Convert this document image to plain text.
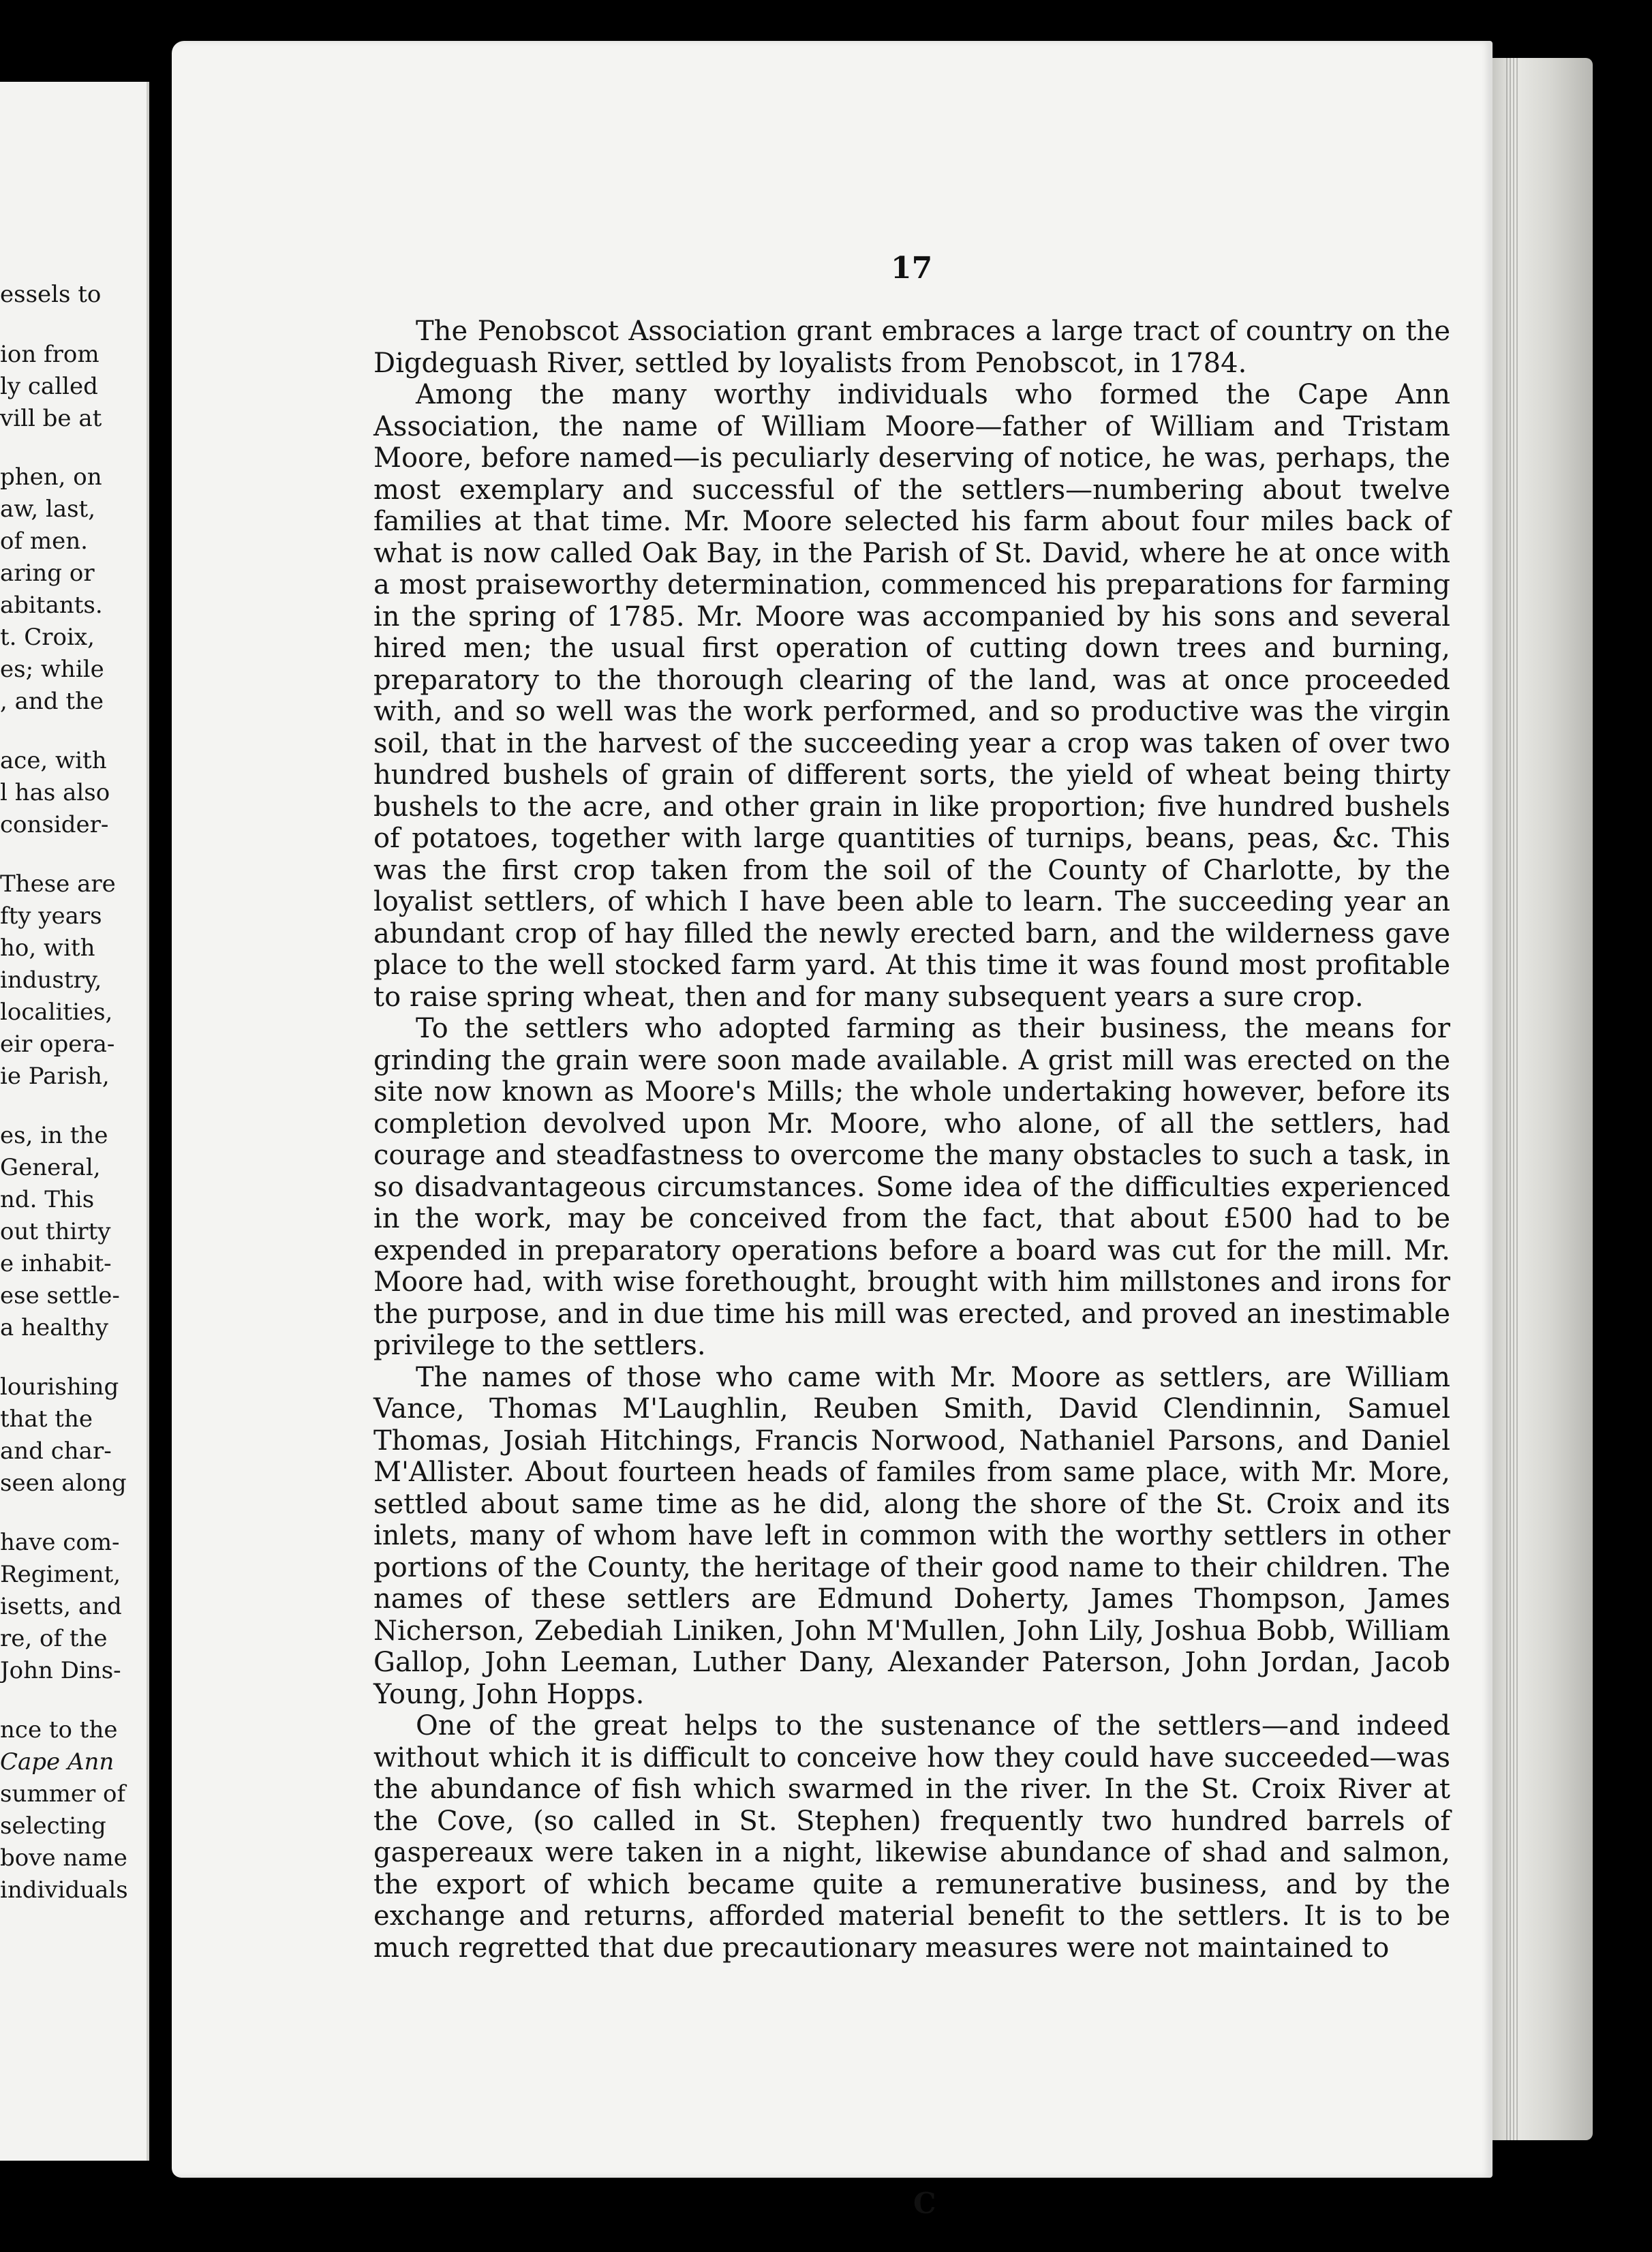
essels to
ion from
ly called
vill be at
phen, on
aw, last,
of men.
aring or
abitants.
t. Croix,
es; while
, and the
ace, with
l has also
consider-
These are
fty years
ho, with
industry,
localities,
eir opera-
ie Parish,
es, in the
General,
nd. This
out thirty
e inhabit-
ese settle-
a healthy
lourishing
that the
and char-
seen along
have com-
Regiment,
isetts, and
re, of the
John Dins-
nce to the
Cape Ann
summer of
selecting
bove name
individuals
17

The Penobscot Association grant embraces a large tract of country on the Digdeguash River, settled by loyalists from Penobscot, in 1784.

Among the many worthy individuals who formed the Cape Ann Association, the name of William Moore—father of William and Tristam Moore, before named—is peculiarly deserving of notice, he was, perhaps, the most exemplary and successful of the settlers—numbering about twelve families at that time. Mr. Moore selected his farm about four miles back of what is now called Oak Bay, in the Parish of St. David, where he at once with a most praiseworthy determination, commenced his preparations for farming in the spring of 1785. Mr. Moore was accompanied by his sons and several hired men; the usual first operation of cutting down trees and burning, preparatory to the thorough clearing of the land, was at once proceeded with, and so well was the work performed, and so productive was the virgin soil, that in the harvest of the succeeding year a crop was taken of over two hundred bushels of grain of different sorts, the yield of wheat being thirty bushels to the acre, and other grain in like proportion; five hundred bushels of potatoes, together with large quantities of turnips, beans, peas, &c. This was the first crop taken from the soil of the County of Charlotte, by the loyalist settlers, of which I have been able to learn. The succeeding year an abundant crop of hay filled the newly erected barn, and the wilderness gave place to the well stocked farm yard. At this time it was found most profitable to raise spring wheat, then and for many subsequent years a sure crop.

To the settlers who adopted farming as their business, the means for grinding the grain were soon made available. A grist mill was erected on the site now known as Moore's Mills; the whole undertaking however, before its completion devolved upon Mr. Moore, who alone, of all the settlers, had courage and steadfastness to overcome the many obstacles to such a task, in so disadvantageous circumstances. Some idea of the difficulties experienced in the work, may be conceived from the fact, that about £500 had to be expended in preparatory operations before a board was cut for the mill. Mr. Moore had, with wise forethought, brought with him millstones and irons for the purpose, and in due time his mill was erected, and proved an inestimable privilege to the settlers.

The names of those who came with Mr. Moore as settlers, are William Vance, Thomas M'Laughlin, Reuben Smith, David Clendinnin, Samuel Thomas, Josiah Hitchings, Francis Norwood, Nathaniel Parsons, and Daniel M'Allister. About fourteen heads of familes from same place, with Mr. More, settled about same time as he did, along the shore of the St. Croix and its inlets, many of whom have left in common with the worthy settlers in other portions of the County, the heritage of their good name to their children. The names of these settlers are Edmund Doherty, James Thompson, James Nicherson, Zebediah Liniken, John M'Mullen, John Lily, Joshua Bobb, William Gallop, John Leeman, Luther Dany, Alexander Paterson, John Jordan, Jacob Young, John Hopps.

One of the great helps to the sustenance of the settlers—and indeed without which it is difficult to conceive how they could have succeeded—was the abundance of fish which swarmed in the river. In the St. Croix River at the Cove, (so called in St. Stephen) frequently two hundred barrels of gaspereaux were taken in a night, likewise abundance of shad and salmon, the export of which became quite a remunerative business, and by the exchange and returns, afforded material benefit to the settlers. It is to be much regretted that due precautionary measures were not maintained to

C
